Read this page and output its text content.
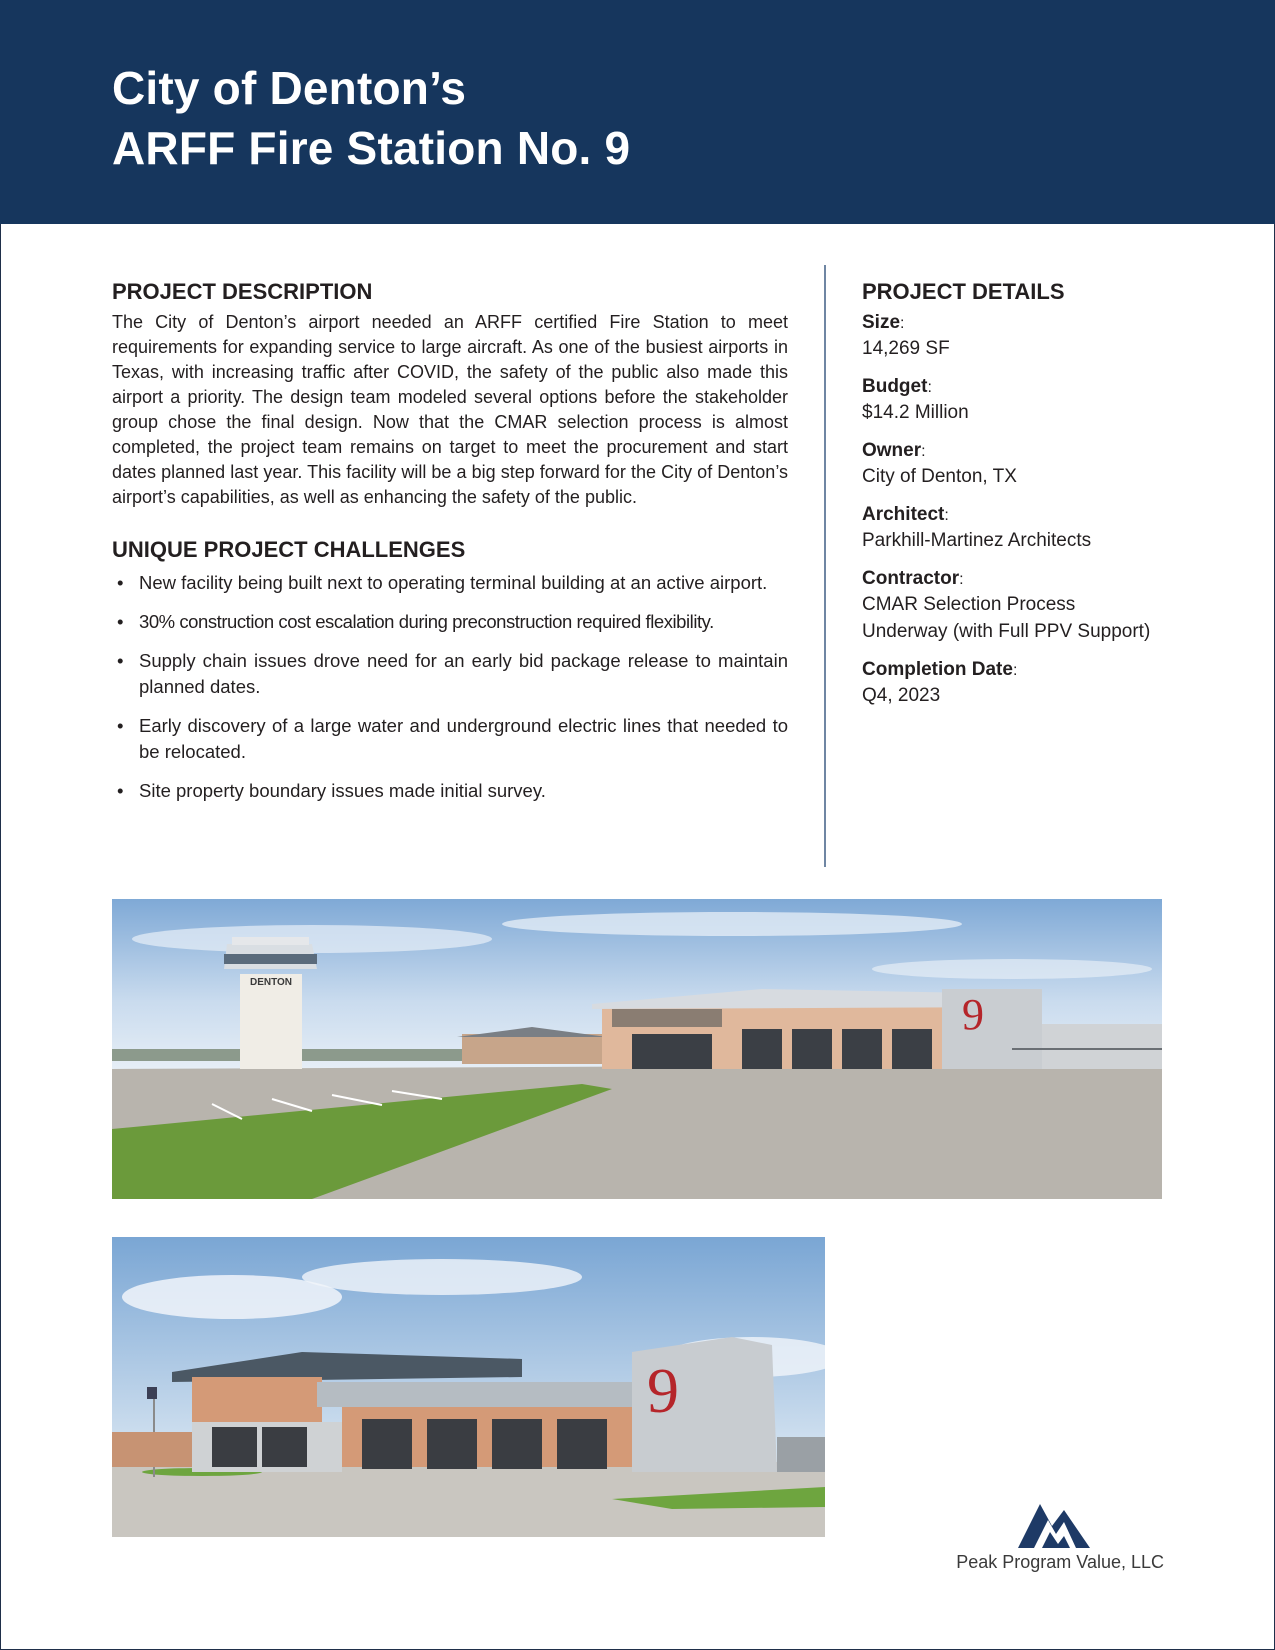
City of Denton’s
ARFF Fire Station No. 9
PROJECT DESCRIPTION

The City of Denton’s airport needed an ARFF certified Fire Station to meet requirements for expanding service to large aircraft. As one of the busiest airports in Texas, with increasing traffic after COVID, the safety of the public also made this airport a priority. The design team modeled several options before the stakeholder group chose the final design. Now that the CMAR selection process is almost completed, the project team remains on target to meet the procurement and start dates planned last year. This facility will be a big step forward for the City of Denton’s airport’s capabilities, as well as enhancing the safety of the public.

UNIQUE PROJECT CHALLENGES
• New facility being built next to operating terminal building at an active airport.
• 30% construction cost escalation during preconstruction required flexibility.
• Supply chain issues drove need for an early bid package release to maintain planned dates.
• Early discovery of a large water and underground electric lines that needed to be relocated.
• Site property boundary issues made initial survey.
PROJECT DETAILS
Size:
14,269 SF
Budget:
$14.2 Million
Owner:
City of Denton, TX
Architect:
Parkhill-Martinez Architects
Contractor:
CMAR Selection Process
Underway (with Full PPV Support)
Completion Date:
Q4, 2023
DENTON
9
9
Peak Program Value, LLC
